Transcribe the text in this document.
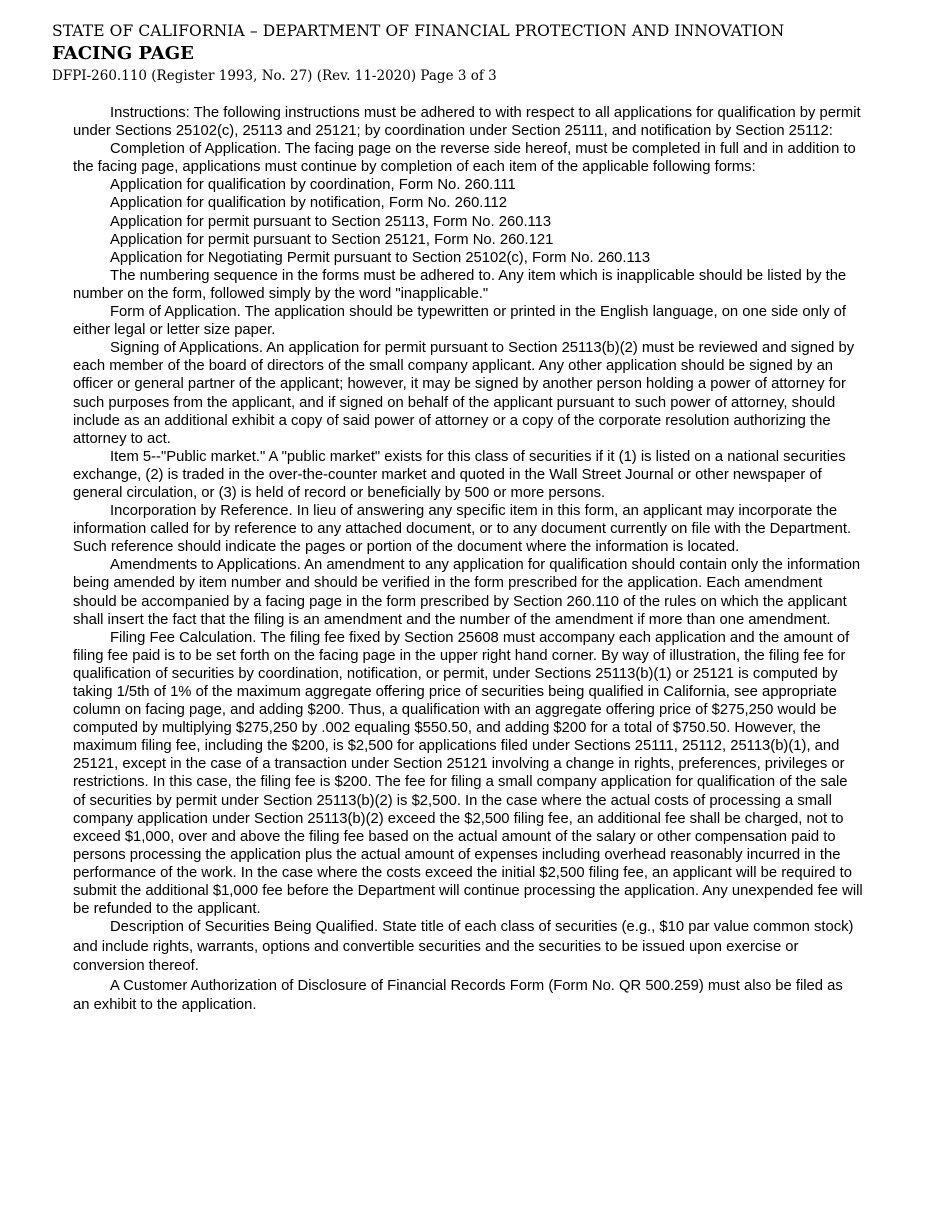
STATE OF CALIFORNIA – DEPARTMENT OF FINANCIAL PROTECTION AND INNOVATION
FACING PAGE
DFPI-260.110 (Register 1993, No. 27) (Rev. 11-2020) Page 3 of 3

Instructions: The following instructions must be adhered to with respect to all applications for qualification by permit under Sections 25102(c), 25113 and 25121; by coordination under Section 25111, and notification by Section 25112:

Completion of Application. The facing page on the reverse side hereof, must be completed in full and in addition to the facing page, applications must continue by completion of each item of the applicable following forms:

Application for qualification by coordination, Form No. 260.111

Application for qualification by notification, Form No. 260.112

Application for permit pursuant to Section 25113, Form No. 260.113

Application for permit pursuant to Section 25121, Form No. 260.121

Application for Negotiating Permit pursuant to Section 25102(c), Form No. 260.113

The numbering sequence in the forms must be adhered to. Any item which is inapplicable should be listed by the number on the form, followed simply by the word "inapplicable."

Form of Application. The application should be typewritten or printed in the English language, on one side only of either legal or letter size paper.

Signing of Applications. An application for permit pursuant to Section 25113(b)(2) must be reviewed and signed by each member of the board of directors of the small company applicant. Any other application should be signed by an officer or general partner of the applicant; however, it may be signed by another person holding a power of attorney for such purposes from the applicant, and if signed on behalf of the applicant pursuant to such power of attorney, should include as an additional exhibit a copy of said power of attorney or a copy of the corporate resolution authorizing the attorney to act.

Item 5--"Public market." A "public market" exists for this class of securities if it (1) is listed on a national securities exchange, (2) is traded in the over-the-counter market and quoted in the Wall Street Journal or other newspaper of general circulation, or (3) is held of record or beneficially by 500 or more persons.

Incorporation by Reference. In lieu of answering any specific item in this form, an applicant may incorporate the information called for by reference to any attached document, or to any document currently on file with the Department. Such reference should indicate the pages or portion of the document where the information is located.

Amendments to Applications. An amendment to any application for qualification should contain only the information being amended by item number and should be verified in the form prescribed for the application. Each amendment should be accompanied by a facing page in the form prescribed by Section 260.110 of the rules on which the applicant shall insert the fact that the filing is an amendment and the number of the amendment if more than one amendment.

Filing Fee Calculation. The filing fee fixed by Section 25608 must accompany each application and the amount of filing fee paid is to be set forth on the facing page in the upper right hand corner. By way of illustration, the filing fee for qualification of securities by coordination, notification, or permit, under Sections 25113(b)(1) or 25121 is computed by taking 1/5th of 1% of the maximum aggregate offering price of securities being qualified in California, see appropriate column on facing page, and adding $200. Thus, a qualification with an aggregate offering price of $275,250 would be computed by multiplying $275,250 by .002 equaling $550.50, and adding $200 for a total of $750.50. However, the maximum filing fee, including the $200, is $2,500 for applications filed under Sections 25111, 25112, 25113(b)(1), and 25121, except in the case of a transaction under Section 25121 involving a change in rights, preferences, privileges or restrictions. In this case, the filing fee is $200. The fee for filing a small company application for qualification of the sale of securities by permit under Section 25113(b)(2) is $2,500. In the case where the actual costs of processing a small company application under Section 25113(b)(2) exceed the $2,500 filing fee, an additional fee shall be charged, not to exceed $1,000, over and above the filing fee based on the actual amount of the salary or other compensation paid to persons processing the application plus the actual amount of expenses including overhead reasonably incurred in the performance of the work. In the case where the costs exceed the initial $2,500 filing fee, an applicant will be required to submit the additional $1,000 fee before the Department will continue processing the application. Any unexpended fee will be refunded to the applicant.

Description of Securities Being Qualified. State title of each class of securities (e.g., $10 par value common stock) and include rights, warrants, options and convertible securities and the securities to be issued upon exercise or conversion thereof.

A Customer Authorization of Disclosure of Financial Records Form (Form No. QR 500.259) must also be filed as an exhibit to the application.
